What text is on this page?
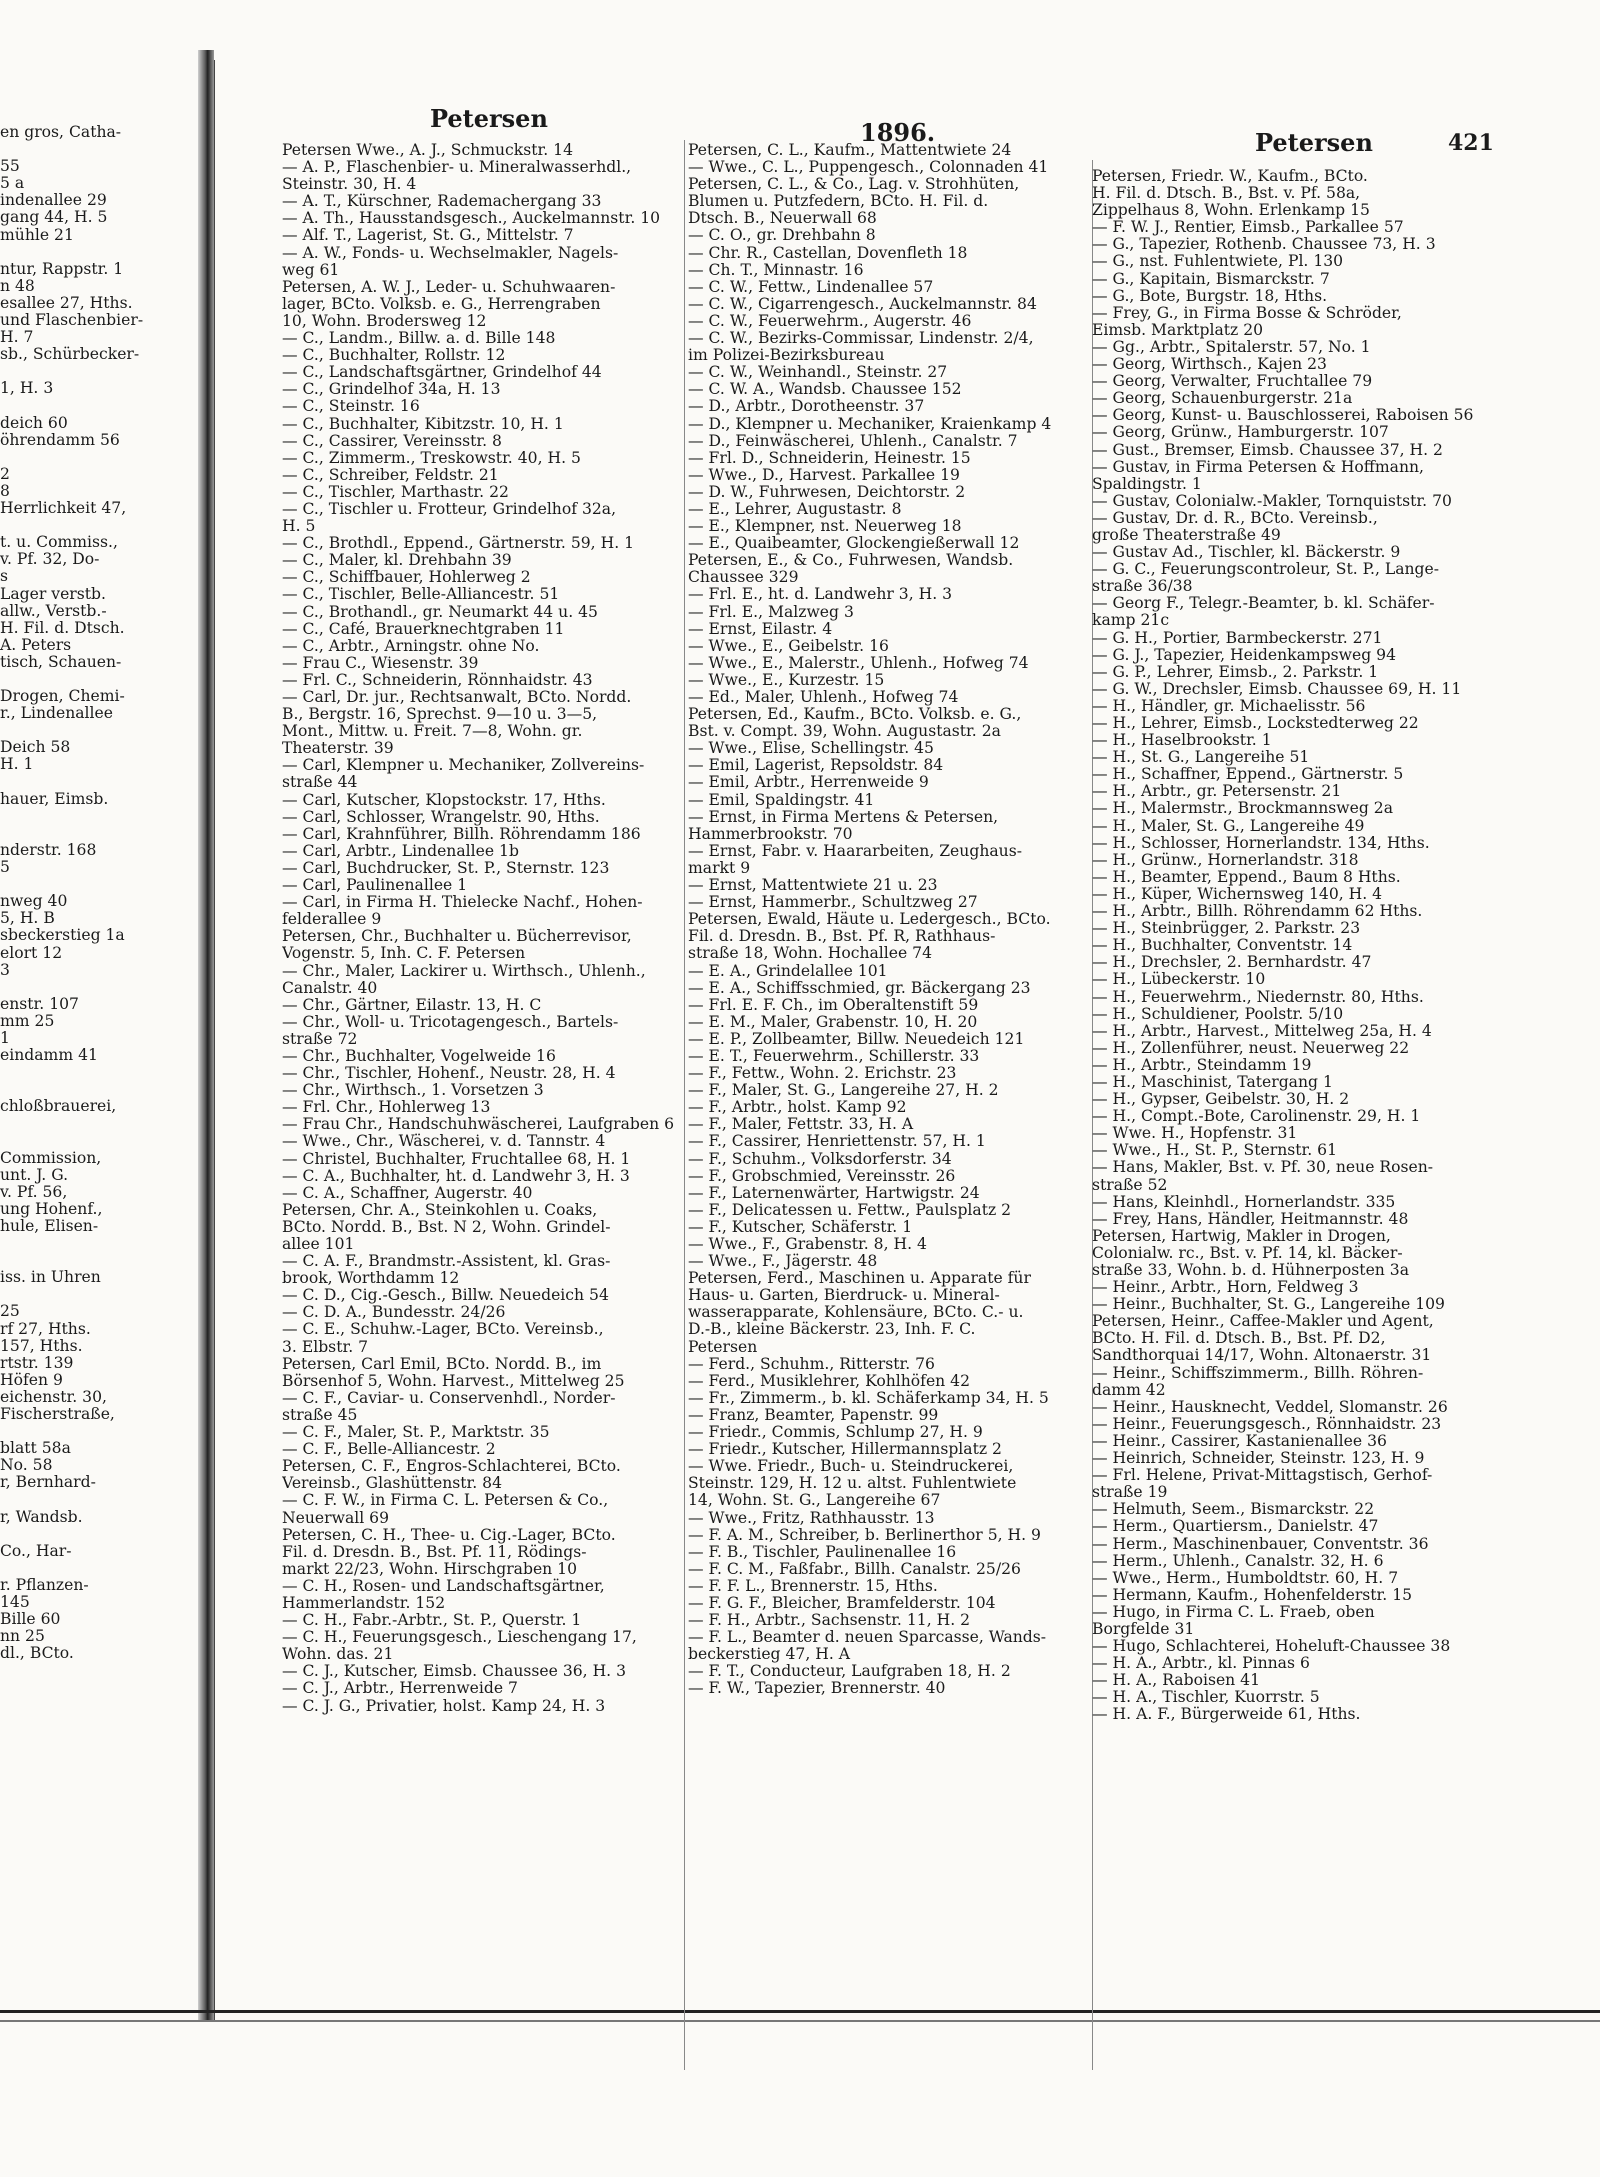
Petersen	1896.	Petersen	421
en gros, Catha-
55
5 a
indenallee 29
gang 44, H. 5
mühle 21
ntur, Rappstr. 1
n 48
esallee 27, Hths.
und Flaschenbier-
H. 7
sb., Schürbecker-
1, H. 3
deich 60
öhrendamm 56
2
8
Herrlichkeit 47,
t. u. Commiss.,
v. Pf. 32, Do-
s
Lager verstb.
allw., Verstb.-
H. Fil. d. Dtsch.
A. Peters
tisch, Schauen-
Drogen, Chemi-
r., Lindenallee
Deich 58
H. 1
hauer, Eimsb.
nderstr. 168
5
nweg 40
5, H. B
sbeckerstieg 1a
elort 12
3
enstr. 107
mm 25
1
eindamm 41
chloßbrauerei,
Commission,
unt. J. G.
v. Pf. 56,
ung Hohenf.,
hule, Elisen-
iss. in Uhren
25
rf 27, Hths.
157, Hths.
rtstr. 139
Höfen 9
eichenstr. 30,
Fischerstraße,
blatt 58a
No. 58
r, Bernhard-
r, Wandsb.
Co., Har-
r. Pflanzen-
145
Bille 60
nn 25
dl., BCto.
Petersen Wwe., A. J., Schmuckstr. 14
— A. P., Flaschenbier- u. Mineralwasserhdl.,
Steinstr. 30, H. 4
— A. T., Kürschner, Rademachergang 33
— A. Th., Hausstandsgesch., Auckelmannstr. 10
— Alf. T., Lagerist, St. G., Mittelstr. 7
— A. W., Fonds- u. Wechselmakler, Nagels-
weg 61
Petersen, A. W. J., Leder- u. Schuhwaaren-
lager, BCto. Volksb. e. G., Herrengraben
10, Wohn. Brodersweg 12
— C., Landm., Billw. a. d. Bille 148
— C., Buchhalter, Rollstr. 12
— C., Landschaftsgärtner, Grindelhof 44
— C., Grindelhof 34a, H. 13
— C., Steinstr. 16
— C., Buchhalter, Kibitzstr. 10, H. 1
— C., Cassirer, Vereinsstr. 8
— C., Zimmerm., Treskowstr. 40, H. 5
— C., Schreiber, Feldstr. 21
— C., Tischler, Marthastr. 22
— C., Tischler u. Frotteur, Grindelhof 32a,
H. 5
— C., Brothdl., Eppend., Gärtnerstr. 59, H. 1
— C., Maler, kl. Drehbahn 39
— C., Schiffbauer, Hohlerweg 2
— C., Tischler, Belle-Alliancestr. 51
— C., Brothandl., gr. Neumarkt 44 u. 45
— C., Café, Brauerknechtgraben 11
— C., Arbtr., Arningstr. ohne No.
— Frau C., Wiesenstr. 39
— Frl. C., Schneiderin, Rönnhaidstr. 43
— Carl, Dr. jur., Rechtsanwalt, BCto. Nordd.
B., Bergstr. 16, Sprechst. 9—10 u. 3—5,
Mont., Mittw. u. Freit. 7—8, Wohn. gr.
Theaterstr. 39
— Carl, Klempner u. Mechaniker, Zollvereins-
straße 44
— Carl, Kutscher, Klopstockstr. 17, Hths.
— Carl, Schlosser, Wrangelstr. 90, Hths.
— Carl, Krahnführer, Billh. Röhrendamm 186
— Carl, Arbtr., Lindenallee 1b
— Carl, Buchdrucker, St. P., Sternstr. 123
— Carl, Paulinenallee 1
— Carl, in Firma H. Thielecke Nachf., Hohen-
felderallee 9
Petersen, Chr., Buchhalter u. Bücherrevisor,
Vogenstr. 5, Inh. C. F. Petersen
— Chr., Maler, Lackirer u. Wirthsch., Uhlenh.,
Canalstr. 40
— Chr., Gärtner, Eilastr. 13, H. C
— Chr., Woll- u. Tricotagengesch., Bartels-
straße 72
— Chr., Buchhalter, Vogelweide 16
— Chr., Tischler, Hohenf., Neustr. 28, H. 4
— Chr., Wirthsch., 1. Vorsetzen 3
— Frl. Chr., Hohlerweg 13
— Frau Chr., Handschuhwäscherei, Laufgraben 6
— Wwe., Chr., Wäscherei, v. d. Tannstr. 4
— Christel, Buchhalter, Fruchtallee 68, H. 1
— C. A., Buchhalter, ht. d. Landwehr 3, H. 3
— C. A., Schaffner, Augerstr. 40
Petersen, Chr. A., Steinkohlen u. Coaks,
BCto. Nordd. B., Bst. N 2, Wohn. Grindel-
allee 101
— C. A. F., Brandmstr.-Assistent, kl. Gras-
brook, Worthdamm 12
— C. D., Cig.-Gesch., Billw. Neuedeich 54
— C. D. A., Bundesstr. 24/26
— C. E., Schuhw.-Lager, BCto. Vereinsb.,
3. Elbstr. 7
Petersen, Carl Emil, BCto. Nordd. B., im
Börsenhof 5, Wohn. Harvest., Mittelweg 25
— C. F., Caviar- u. Conservenhdl., Norder-
straße 45
— C. F., Maler, St. P., Marktstr. 35
— C. F., Belle-Alliancestr. 2
Petersen, C. F., Engros-Schlachterei, BCto.
Vereinsb., Glashüttenstr. 84
— C. F. W., in Firma C. L. Petersen & Co.,
Neuerwall 69
Petersen, C. H., Thee- u. Cig.-Lager, BCto.
Fil. d. Dresdn. B., Bst. Pf. 11, Rödings-
markt 22/23, Wohn. Hirschgraben 10
— C. H., Rosen- und Landschaftsgärtner,
Hammerlandstr. 152
— C. H., Fabr.-Arbtr., St. P., Querstr. 1
— C. H., Feuerungsgesch., Lieschengang 17,
Wohn. das. 21
— C. J., Kutscher, Eimsb. Chaussee 36, H. 3
— C. J., Arbtr., Herrenweide 7
— C. J. G., Privatier, holst. Kamp 24, H. 3
Petersen, C. L., Kaufm., Mattentwiete 24
— Wwe., C. L., Puppengesch., Colonnaden 41
Petersen, C. L., & Co., Lag. v. Strohhüten,
Blumen u. Putzfedern, BCto. H. Fil. d.
Dtsch. B., Neuerwall 68
— C. O., gr. Drehbahn 8
— Chr. R., Castellan, Dovenfleth 18
— Ch. T., Minnastr. 16
— C. W., Fettw., Lindenallee 57
— C. W., Cigarrengesch., Auckelmannstr. 84
— C. W., Feuerwehrm., Augerstr. 46
— C. W., Bezirks-Commissar, Lindenstr. 2/4,
im Polizei-Bezirksbureau
— C. W., Weinhandl., Steinstr. 27
— C. W. A., Wandsb. Chaussee 152
— D., Arbtr., Dorotheenstr. 37
— D., Klempner u. Mechaniker, Kraienkamp 4
— D., Feinwäscherei, Uhlenh., Canalstr. 7
— Frl. D., Schneiderin, Heinestr. 15
— Wwe., D., Harvest. Parkallee 19
— D. W., Fuhrwesen, Deichtorstr. 2
— E., Lehrer, Augustastr. 8
— E., Klempner, nst. Neuerweg 18
— E., Quaibeamter, Glockengießerwall 12
Petersen, E., & Co., Fuhrwesen, Wandsb.
Chaussee 329
— Frl. E., ht. d. Landwehr 3, H. 3
— Frl. E., Malzweg 3
— Ernst, Eilastr. 4
— Wwe., E., Geibelstr. 16
— Wwe., E., Malerstr., Uhlenh., Hofweg 74
— Wwe., E., Kurzestr. 15
— Ed., Maler, Uhlenh., Hofweg 74
Petersen, Ed., Kaufm., BCto. Volksb. e. G.,
Bst. v. Compt. 39, Wohn. Augustastr. 2a
— Wwe., Elise, Schellingstr. 45
— Emil, Lagerist, Repsoldstr. 84
— Emil, Arbtr., Herrenweide 9
— Emil, Spaldingstr. 41
— Ernst, in Firma Mertens & Petersen,
Hammerbrookstr. 70
— Ernst, Fabr. v. Haararbeiten, Zeughaus-
markt 9
— Ernst, Mattentwiete 21 u. 23
— Ernst, Hammerbr., Schultzweg 27
Petersen, Ewald, Häute u. Ledergesch., BCto.
Fil. d. Dresdn. B., Bst. Pf. R, Rathhaus-
straße 18, Wohn. Hochallee 74
— E. A., Grindelallee 101
— E. A., Schiffsschmied, gr. Bäckergang 23
— Frl. E. F. Ch., im Oberaltenstift 59
— E. M., Maler, Grabenstr. 10, H. 20
— E. P., Zollbeamter, Billw. Neuedeich 121
— E. T., Feuerwehrm., Schillerstr. 33
— F., Fettw., Wohn. 2. Erichstr. 23
— F., Maler, St. G., Langereihe 27, H. 2
— F., Arbtr., holst. Kamp 92
— F., Maler, Fettstr. 33, H. A
— F., Cassirer, Henriettenstr. 57, H. 1
— F., Schuhm., Volksdorferstr. 34
— F., Grobschmied, Vereinsstr. 26
— F., Laternenwärter, Hartwigstr. 24
— F., Delicatessen u. Fettw., Paulsplatz 2
— F., Kutscher, Schäferstr. 1
— Wwe., F., Grabenstr. 8, H. 4
— Wwe., F., Jägerstr. 48
Petersen, Ferd., Maschinen u. Apparate für
Haus- u. Garten, Bierdruck- u. Mineral-
wasserapparate, Kohlensäure, BCto. C.- u.
D.-B., kleine Bäckerstr. 23, Inh. F. C.
Petersen
— Ferd., Schuhm., Ritterstr. 76
— Ferd., Musiklehrer, Kohlhöfen 42
— Fr., Zimmerm., b. kl. Schäferkamp 34, H. 5
— Franz, Beamter, Papenstr. 99
— Friedr., Commis, Schlump 27, H. 9
— Friedr., Kutscher, Hillermannsplatz 2
— Wwe. Friedr., Buch- u. Steindruckerei,
Steinstr. 129, H. 12 u. altst. Fuhlentwiete
14, Wohn. St. G., Langereihe 67
— Wwe., Fritz, Rathhausstr. 13
— F. A. M., Schreiber, b. Berlinerthor 5, H. 9
— F. B., Tischler, Paulinenallee 16
— F. C. M., Faßfabr., Billh. Canalstr. 25/26
— F. F. L., Brennerstr. 15, Hths.
— F. G. F., Bleicher, Bramfelderstr. 104
— F. H., Arbtr., Sachsenstr. 11, H. 2
— F. L., Beamter d. neuen Sparcasse, Wands-
beckerstieg 47, H. A
— F. T., Conducteur, Laufgraben 18, H. 2
— F. W., Tapezier, Brennerstr. 40
Petersen, Friedr. W., Kaufm., BCto.
H. Fil. d. Dtsch. B., Bst. v. Pf. 58a,
Zippelhaus 8, Wohn. Erlenkamp 15
— F. W. J., Rentier, Eimsb., Parkallee 57
— G., Tapezier, Rothenb. Chaussee 73, H. 3
— G., nst. Fuhlentwiete, Pl. 130
— G., Kapitain, Bismarckstr. 7
— G., Bote, Burgstr. 18, Hths.
— Frey, G., in Firma Bosse & Schröder,
Eimsb. Marktplatz 20
— Gg., Arbtr., Spitalerstr. 57, No. 1
— Georg, Wirthsch., Kajen 23
— Georg, Verwalter, Fruchtallee 79
— Georg, Schauenburgerstr. 21a
— Georg, Kunst- u. Bauschlosserei, Raboisen 56
— Georg, Grünw., Hamburgerstr. 107
— Gust., Bremser, Eimsb. Chaussee 37, H. 2
— Gustav, in Firma Petersen & Hoffmann,
Spaldingstr. 1
— Gustav, Colonialw.-Makler, Tornquiststr. 70
— Gustav, Dr. d. R., BCto. Vereinsb.,
große Theaterstraße 49
— Gustav Ad., Tischler, kl. Bäckerstr. 9
— G. C., Feuerungscontroleur, St. P., Lange-
straße 36/38
— Georg F., Telegr.-Beamter, b. kl. Schäfer-
kamp 21c
— G. H., Portier, Barmbeckerstr. 271
— G. J., Tapezier, Heidenkampsweg 94
— G. P., Lehrer, Eimsb., 2. Parkstr. 1
— G. W., Drechsler, Eimsb. Chaussee 69, H. 11
— H., Händler, gr. Michaelisstr. 56
— H., Lehrer, Eimsb., Lockstedterweg 22
— H., Haselbrookstr. 1
— H., St. G., Langereihe 51
— H., Schaffner, Eppend., Gärtnerstr. 5
— H., Arbtr., gr. Petersenstr. 21
— H., Malermstr., Brockmannsweg 2a
— H., Maler, St. G., Langereihe 49
— H., Schlosser, Hornerlandstr. 134, Hths.
— H., Grünw., Hornerlandstr. 318
— H., Beamter, Eppend., Baum 8 Hths.
— H., Küper, Wichernsweg 140, H. 4
— H., Arbtr., Billh. Röhrendamm 62 Hths.
— H., Steinbrügger, 2. Parkstr. 23
— H., Buchhalter, Conventstr. 14
— H., Drechsler, 2. Bernhardstr. 47
— H., Lübeckerstr. 10
— H., Feuerwehrm., Niedernstr. 80, Hths.
— H., Schuldiener, Poolstr. 5/10
— H., Arbtr., Harvest., Mittelweg 25a, H. 4
— H., Zollenführer, neust. Neuerweg 22
— H., Arbtr., Steindamm 19
— H., Maschinist, Tatergang 1
— H., Gypser, Geibelstr. 30, H. 2
— H., Compt.-Bote, Carolinenstr. 29, H. 1
— Wwe. H., Hopfenstr. 31
— Wwe., H., St. P., Sternstr. 61
— Hans, Makler, Bst. v. Pf. 30, neue Rosen-
straße 52
— Hans, Kleinhdl., Hornerlandstr. 335
— Frey, Hans, Händler, Heitmannstr. 48
Petersen, Hartwig, Makler in Drogen,
Colonialw. rc., Bst. v. Pf. 14, kl. Bäcker-
straße 33, Wohn. b. d. Hühnerposten 3a
— Heinr., Arbtr., Horn, Feldweg 3
— Heinr., Buchhalter, St. G., Langereihe 109
Petersen, Heinr., Caffee-Makler und Agent,
BCto. H. Fil. d. Dtsch. B., Bst. Pf. D2,
Sandthorquai 14/17, Wohn. Altonaerstr. 31
— Heinr., Schiffszimmerm., Billh. Röhren-
damm 42
— Heinr., Hausknecht, Veddel, Slomanstr. 26
— Heinr., Feuerungsgesch., Rönnhaidstr. 23
— Heinr., Cassirer, Kastanienallee 36
— Heinrich, Schneider, Steinstr. 123, H. 9
— Frl. Helene, Privat-Mittagstisch, Gerhof-
straße 19
— Helmuth, Seem., Bismarckstr. 22
— Herm., Quartiersm., Danielstr. 47
— Herm., Maschinenbauer, Conventstr. 36
— Herm., Uhlenh., Canalstr. 32, H. 6
— Wwe., Herm., Humboldtstr. 60, H. 7
— Hermann, Kaufm., Hohenfelderstr. 15
— Hugo, in Firma C. L. Fraeb, oben
Borgfelde 31
— Hugo, Schlachterei, Hoheluft-Chaussee 38
— H. A., Arbtr., kl. Pinnas 6
— H. A., Raboisen 41
— H. A., Tischler, Kuorrstr. 5
— H. A. F., Bürgerweide 61, Hths.
